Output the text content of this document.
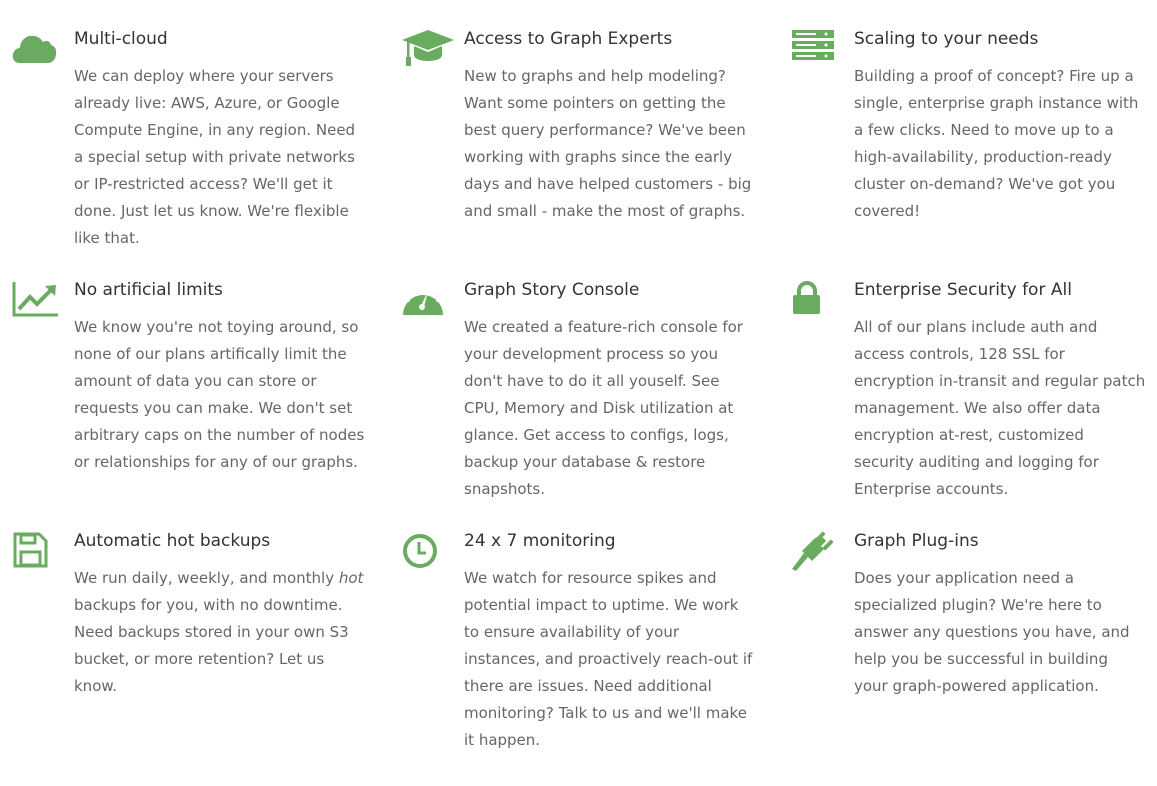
Multi-cloud
We can deploy where your servers already live: AWS, Azure, or Google Compute Engine, in any region. Need a special setup with private networks or IP-restricted access? We'll get it done. Just let us know. We're flexible like that.
Access to Graph Experts
New to graphs and help modeling? Want some pointers on getting the best query performance? We've been working with graphs since the early days and have helped customers - big and small - make the most of graphs.
Scaling to your needs
Building a proof of concept? Fire up a single, enterprise graph instance with a few clicks. Need to move up to a high-availability, production-ready cluster on-demand? We've got you covered!
No artificial limits
We know you're not toying around, so none of our plans artifically limit the amount of data you can store or requests you can make. We don't set arbitrary caps on the number of nodes or relationships for any of our graphs.
Graph Story Console
We created a feature-rich console for your development process so you don't have to do it all youself. See CPU, Memory and Disk utilization at glance. Get access to configs, logs, backup your database & restore snapshots.
Enterprise Security for All
All of our plans include auth and access controls, 128 SSL for encryption in-transit and regular patch management. We also offer data encryption at-rest, customized security auditing and logging for Enterprise accounts.
Automatic hot backups
We run daily, weekly, and monthly hot backups for you, with no downtime. Need backups stored in your own S3 bucket, or more retention? Let us know.
24 x 7 monitoring
We watch for resource spikes and potential impact to uptime. We work to ensure availability of your instances, and proactively reach-out if there are issues. Need additional monitoring? Talk to us and we'll make it happen.
Graph Plug-ins
Does your application need a specialized plugin? We're here to answer any questions you have, and help you be successful in building your graph-powered application.
